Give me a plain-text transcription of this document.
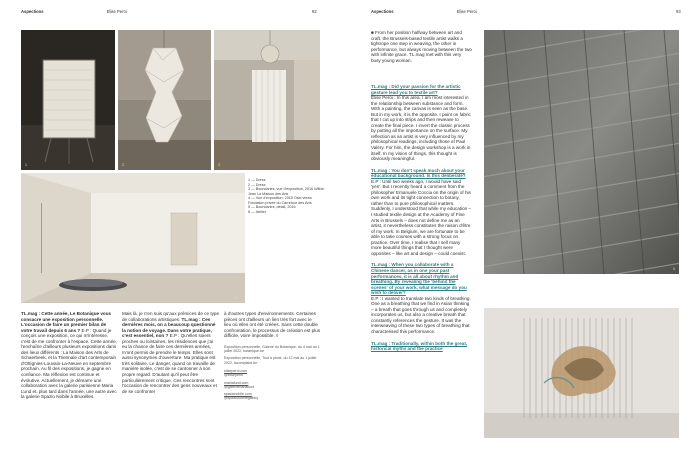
Aspections	Elise Peroi	92	Aspections	Elise Peroi	93
1	2	3
4
1 — Dress
2 — Dress
3 — Boundaries, vue d'exposition, 2016 Within
Jean La Maison des Arts
4 — Vue d'exposition, 2015 Oslo views
Fondation privée du Carrefour des Arts
5 — Boundaries, détail, 2016
6 — Atelier
TL.mag : Cette année, Le Botanique vous consacre une exposition personnelle. L'occasion de faire un premier bilan de votre travail depuis 6 ans ? E.P : Quand je conçois une exposition, ce qui m'intéresse, c'est de me confronter à l'espace. Cette année, l'enchaîne d'ailleurs plusieurs expositions dans des lieux différents : La Maison des Arts de Schaerbeek, et la Triennale d'art contemporain d'Ottignies-Louvain-La-Neuve en septembre prochain. Au fil des expositions, je gagne en confiance. Ma réflexion est continue et évolutive. Actuellement, je démarre une collaboration avec la galerie parisienne Maria Lund et, plus tard dans l'année, une autre avec la galerie Spazio Nobile à Bruxelles.
Mais là, je n'en suis qu'aux prémices de ce type de collaborations artistiques. TL.mag : Ces dernières mois, on a beaucoup questionné la notion de voyage. Dans votre pratique, c'est essentiel, non ? E.P : Qu'elles soient proches ou lointaines, les résidences que j'ai eu la chance de faire ces dernières années, m'ont permis de prendre le temps. Elles sont aussi synonymes d'ouverture. Ma pratique est très solitaire. Le danger, quand on travaille de manière isolée, c'est de se cantonner à son propre regard. D'autant qu'il peut être particulièrement critique. Ces rencontres sont l'occasion de rencontrer des gens nouveaux et de se confronter
à d'autres types d'environnements. Certaines pièces ont d'ailleurs un lien très fort avec le lieu où elles ont été créées. Sans cette double confrontation, le processus de création est plus difficile, voire impossible. ◊
Exposition personnelle, Galerie du Botanique, du 4 mai au 1 juillet 2022, botanique.be
Exposition personnelle, Tout à plonk, du 12 mai au 1 juillet 2022, lacomplaint.be
eliseperoi.com
@eliseperoi
mariialund.com
@galeriemarialund
spazionobile.com
@spazionobilegallery
■ From her position halfway between art and craft, the Brussels-based textile artist walks a tightrope one step in weaving, the other in performance, but always moving between the two with infinite grace. TL.mag met with this very busy young woman.
TL.mag : Did your passion for the artistic gesture lead you to textile art?
Elise Peroi : In this area, I am most interested in the relationship between substance and form. With a painting, the canvas is seen as the base. But in my work, it is the opposite. I paint on fabric that I cut up into strips and then reweave to create the final piece. I invert the classic process by putting all the importance on the surface. My reflection as an artist is very influenced by my philosophical readings, including those of Paul Valéry. For him, the design workshop is a work in itself. In my vision of things, this thought is obviously meaningful.
TL.mag : You don't speak much about your educational background. Is this deliberate?
E.P : Until two weeks ago, I would have said 'yes'. But I recently heard a comment from the philosopher Emanuele Coccia on the origin of his own work and its tight connection to botany, rather than to pure philosophical matters. Suddenly, I understood that while my education – I studied textile design at the Academy of Fine Arts in Brussels – does not define me as an artist, it nevertheless constitutes the raison d'être of my work. In Belgium, we are fortunate to be able to take courses with a strong focus on practice. Over time, I realise that I sell many more beautiful things that I thought were opposites – like art and design – could coexist.
TL.mag : When you collaborate with a Chinese dancer, as in one your past performances, it is all about rhythm and breathing. By revealing the 'behind the scenes' of your work, what message do you wish to deliver?
E.P : I wanted to translate two kinds of breathing. One as a breathing that we find in Asian thinking – a breath that goes through us and completely incorporates us, but also a creative breath that constantly references the gesture. It was the interweaving of these two types of breathing that characterised this performance.
TL.mag : Traditionally, within both the great, historical myths and the practice
5
6
